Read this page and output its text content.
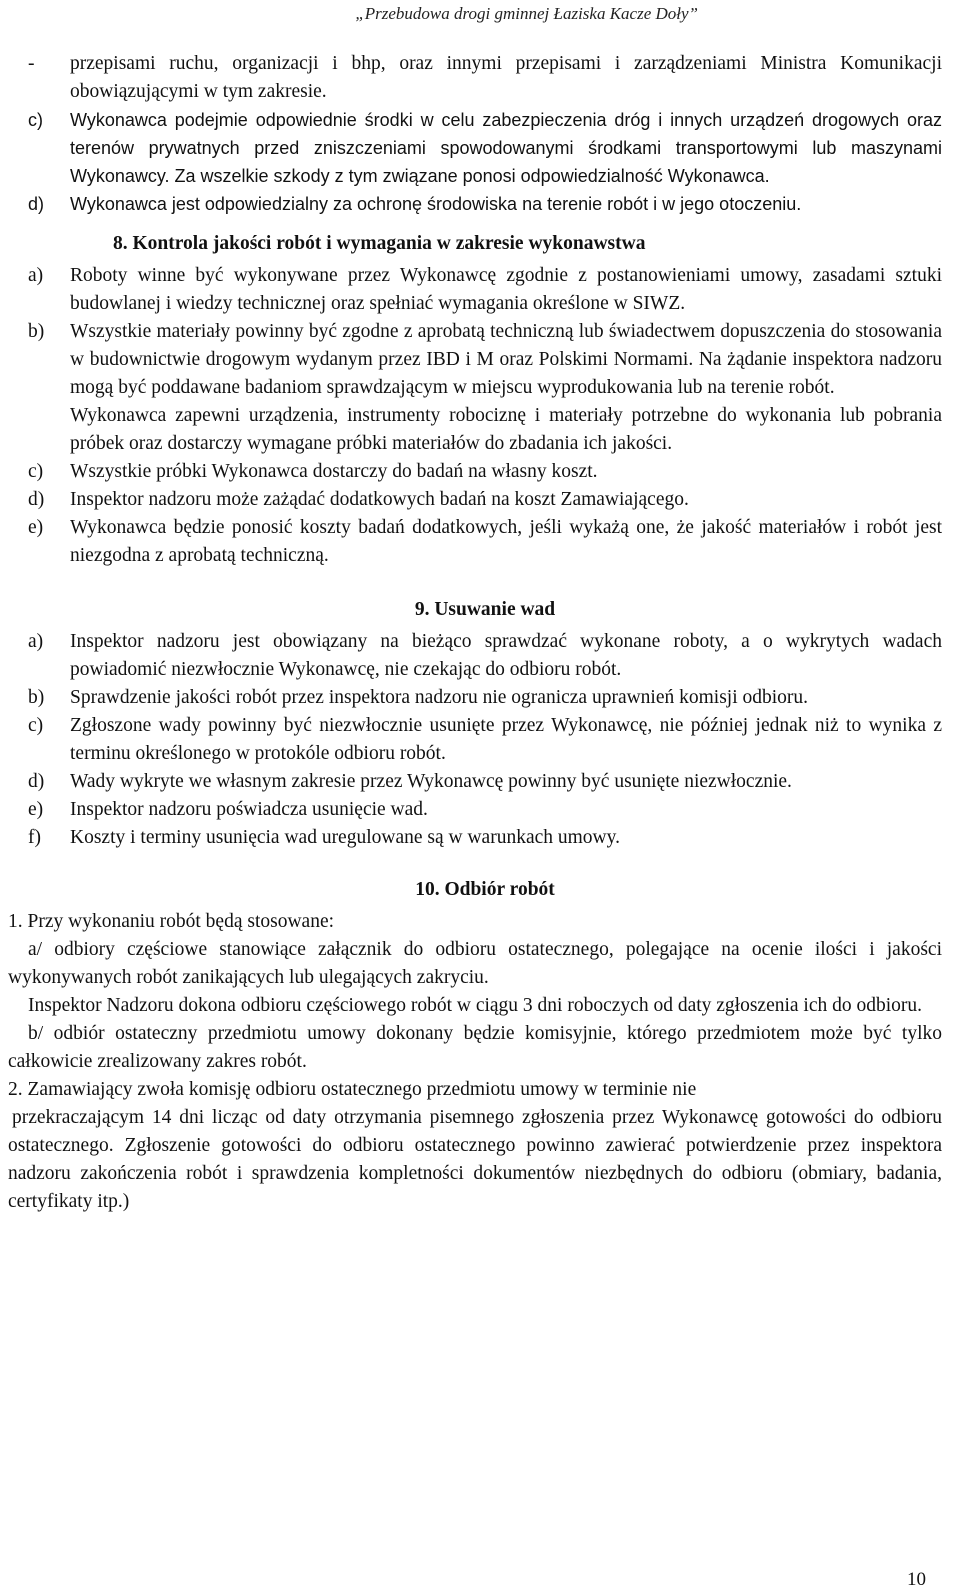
„Przebudowa drogi gminnej Łaziska Kacze Doły”
-	przepisami ruchu, organizacji i bhp, oraz innymi przepisami i zarządzeniami Ministra Komunikacji obowiązującymi w tym zakresie.
c)	Wykonawca podejmie odpowiednie środki w celu zabezpieczenia dróg i innych urządzeń drogowych oraz terenów prywatnych przed zniszczeniami spowodowanymi środkami transportowymi lub maszynami Wykonawcy. Za wszelkie szkody z tym związane ponosi odpowiedzialność Wykonawca.
d)	Wykonawca jest odpowiedzialny za ochronę środowiska na terenie robót i w jego otoczeniu.
8. Kontrola jakości robót i wymagania w zakresie wykonawstwa
a)	Roboty winne być wykonywane przez Wykonawcę zgodnie z postanowieniami umowy, zasadami sztuki budowlanej i wiedzy technicznej oraz spełniać wymagania określone w SIWZ.
b)	Wszystkie materiały powinny być zgodne z aprobatą techniczną lub świadectwem dopuszczenia do stosowania w budownictwie drogowym wydanym przez IBD i M oraz Polskimi Normami. Na żądanie inspektora nadzoru mogą być poddawane badaniom sprawdzającym w miejscu wyprodukowania lub na terenie robót.
Wykonawca zapewni urządzenia, instrumenty robociznę i materiały potrzebne do wykonania lub pobrania próbek oraz dostarczy wymagane próbki materiałów do zbadania ich jakości.
c)	Wszystkie próbki Wykonawca dostarczy do badań na własny koszt.
d)	Inspektor nadzoru może zażądać dodatkowych badań na koszt Zamawiającego.
e)	Wykonawca będzie ponosić koszty badań dodatkowych, jeśli wykażą one, że jakość materiałów i robót jest niezgodna z aprobatą techniczną.
9. Usuwanie wad
a)	Inspektor nadzoru jest obowiązany na bieżąco sprawdzać wykonane roboty, a o wykrytych wadach powiadomić niezwłocznie Wykonawcę, nie czekając do odbioru robót.
b)	Sprawdzenie jakości robót przez inspektora nadzoru nie ogranicza uprawnień komisji odbioru.
c)	Zgłoszone wady powinny być niezwłocznie usunięte przez Wykonawcę, nie później jednak niż to wynika z terminu określonego w protokóle odbioru robót.
d)	Wady wykryte we własnym zakresie przez Wykonawcę powinny być usunięte niezwłocznie.
e)	Inspektor nadzoru poświadcza usunięcie wad.
f)	Koszty i terminy usunięcia wad uregulowane są w warunkach umowy.
10. Odbiór robót
1. Przy wykonaniu robót będą stosowane:
a/ odbiory częściowe stanowiące załącznik do odbioru ostatecznego, polegające na ocenie ilości i jakości wykonywanych robót zanikających lub ulegających zakryciu.
Inspektor Nadzoru dokona odbioru częściowego robót w ciągu 3 dni roboczych od daty zgłoszenia ich do odbioru.
b/ odbiór ostateczny przedmiotu umowy dokonany będzie komisyjnie, którego przedmiotem może być tylko całkowicie zrealizowany zakres robót.
2. Zamawiający zwoła komisję odbioru ostatecznego przedmiotu umowy w terminie nie
przekraczającym 14 dni licząc od daty otrzymania pisemnego zgłoszenia przez Wykonawcę gotowości do odbioru ostatecznego. Zgłoszenie gotowości do odbioru ostatecznego powinno zawierać potwierdzenie przez inspektora nadzoru zakończenia robót i sprawdzenia kompletności dokumentów niezbędnych do odbioru (obmiary, badania, certyfikaty itp.)
10
